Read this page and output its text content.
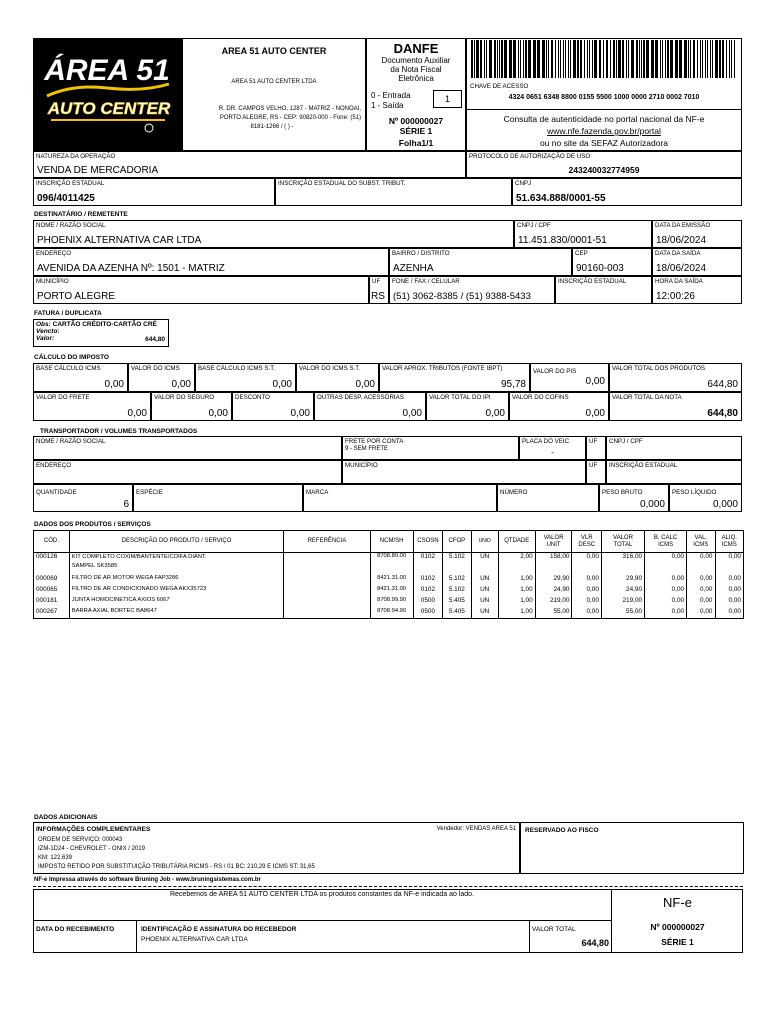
ÁREA 51
AUTO CENTER
AREA 51 AUTO CENTER
AREA 51 AUTO CENTER LTDA
R. DR. CAMPOS VELHO, 1287 - MATRIZ - NONOAI,
PORTO ALEGRE, RS - CEP: 90820-000 - Fone: (51)
8181-1266 / ( ) -
DANFE
Documento Auxiliar
da Nota Fiscal
Eletrônica
0 - Entrada
1 - Saída
1
Nº 000000027
SÉRIE 1
Folha1/1
CHAVE DE ACESSO
4324 0651 6348 8800 0155 5500 1000 0000 2710 0002 7010
Consulta de autenticidade no portal nacional da NF-e
www.nfe.fazenda.gov.br/portal
ou no site da SEFAZ Autorizadora
NATUREZA DA OPERAÇÃO
VENDA DE MERCADORIA
PROTOCOLO DE AUTORIZAÇÃO DE USO
243240032774959
INSCRIÇÃO ESTADUAL
096/4011425
INSCRIÇÃO ESTADUAL DO SUBST. TRIBUT.	CNPJ
51.634.888/0001-55
DESTINATÁRIO / REMETENTE
NOME / RAZÃO SOCIAL
PHOENIX ALTERNATIVA CAR LTDA
CNPJ / CPF
11.451.830/0001-51
DATA DA EMISSÃO
18/06/2024
ENDEREÇO
AVENIDA DA AZENHA Nº: 1501 - MATRIZ
BAIRRO / DISTRITO
AZENHA
CEP
90160-003
DATA DA SAÍDA
18/06/2024
MUNICÍPIO
PORTO ALEGRE
UF
RS
FONE / FAX / CELULAR
(51) 3062-8385 / (51) 9388-5433
INSCRIÇÃO ESTADUAL	HORA DA SAÍDA
12:00:26
FATURA / DUPLICATA
Obs: CARTÃO CRÉDITO-CARTÃO CRÉ
Vencto:
Valor:	644,80
CÁLCULO DO IMPOSTO
BASE CÁLCULO ICMS
0,00
VALOR DO ICMS
0,00
BASE CÁLCULO ICMS S.T.
0,00
VALOR DO ICMS S.T.
0,00
VALOR APROX. TRIBUTOS (FONTE IBPT)
95,78
VALOR DO PIS
0,00
VALOR TOTAL DOS PRODUTOS
644,80
VALOR DO FRETE
0,00
VALOR DO SEGURO
0,00
DESCONTO
0,00
OUTRAS DESP. ACESSÓRIAS
0,00
VALOR TOTAL DO IPI
0,00
VALOR DO COFINS
0,00
VALOR TOTAL DA NOTA
644,80
TRANSPORTADOR / VOLUMES TRANSPORTADOS
NOME / RAZÃO SOCIAL	FRETE POR CONTA
9 - SEM FRETE
PLACA DO VEIC
-
UF CNPJ / CPF
ENDEREÇO	MUNICÍPIO	UF INSCRIÇÃO ESTADUAL
QUANTIDADE
6
ESPÉCIE	MARCA	NÚMERO	PESO BRUTO
0,000
PESO LÍQUIDO
0,000
DADOS DOS PRODUTOS / SERVIÇOS
CÓD.	DESCRIÇÃO DO PRODUTO / SERVIÇO	REFERÊNCIA	NCM/SH	CSOSN	CFOP	UNID	QTDADE	VALOR UNIT	VLR DESC	VALOR TOTAL	B. CALC ICMS	VAL. ICMS	ALIQ. ICMS
000126	KIT COMPLETO COXIM/BANTENTE/COIFA DIANT.
SAMPEL SK3585		8708.80.00	0102	5.102	UN	2,00	158,00	0,00	316,00	0,00	0,00	0,00
000069	FILTRO DE AR MOTOR WEGA FAP3286		8421.31.00	0102	5.102	UN	1,00	29,90	0,00	29,90	0,00	0,00	0,00
000065	FILTRO DE AR CONDICIONADO WEGA AKX35723		8421.31.00	0102	5.102	UN	1,00	24,90	0,00	24,90	0,00	0,00	0,00
000181	JUNTA HOMOCINETICA AXIOS 6067		8708.99.90	0500	5.405	UN	1,00	219,00	0,00	219,00	0,00	0,00	0,00
000267	BARRA AXIAL BORTEC BA8647		8708.94.90	0500	5.405	UN	1,00	55,00	0,00	55,00	0,00	0,00	0,00
DADOS ADICIONAIS
INFORMAÇÕES COMPLEMENTARES	Vendedor: VENDAS AREA 51
ORDEM DE SERVIÇO: 000043
IZM-1D24 - CHEVROLET - ONIX / 2019
KM: 122.639
IMPOSTO RETIDO POR SUBSTITUIÇÃO TRIBUTÁRIA RICMS - RS / 01 BC: 210,29 E ICMS ST: 31,65
RESERVADO AO FISCO
NF-e Impressa através do software Bruning Job - www.bruningsistemas.com.br
Recebemos de AREA 51 AUTO CENTER LTDA os produtos constantes da NF-e indicada ao lado.
DATA DO RECEBIMENTO	IDENTIFICAÇÃO E ASSINATURA DO RECEBEDOR
PHOENIX ALTERNATIVA CAR LTDA
VALOR TOTAL
644,80
NF-e
Nº 000000027
SÉRIE 1
